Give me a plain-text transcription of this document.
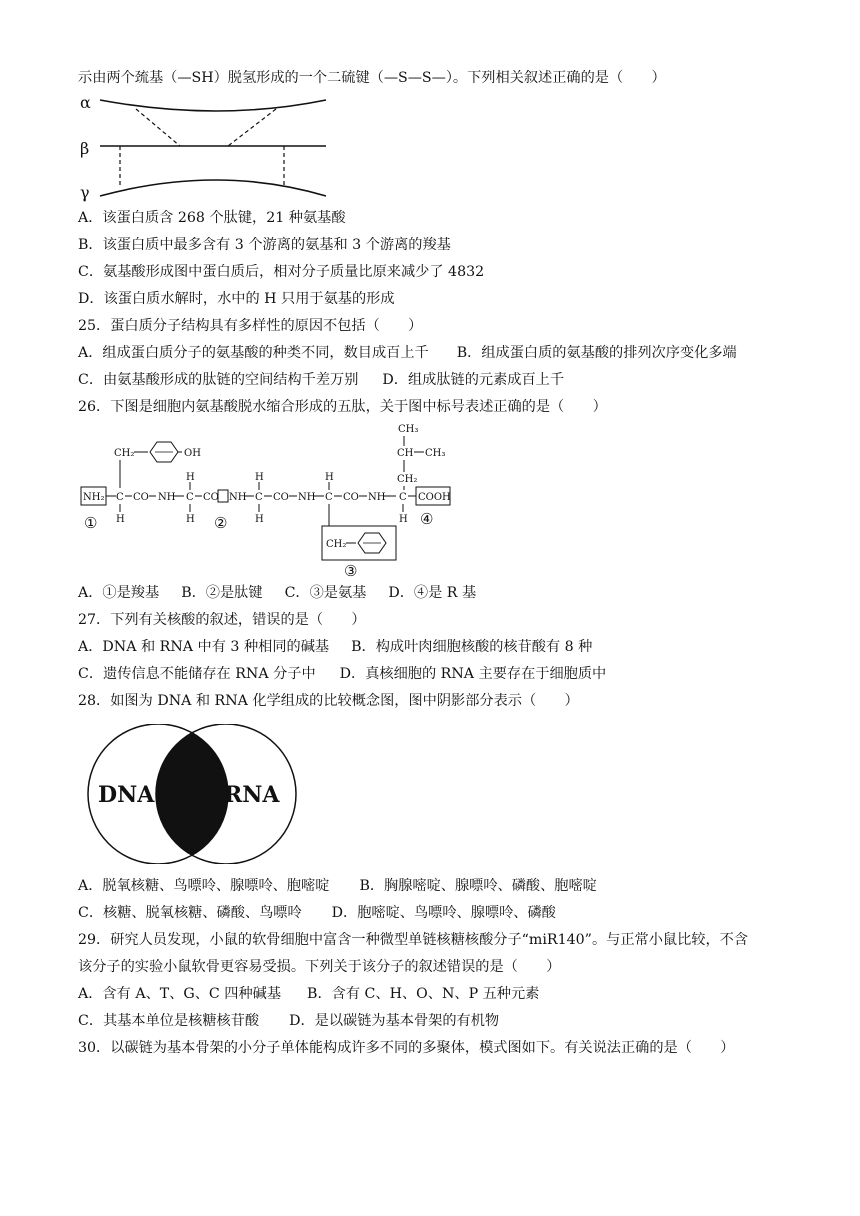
示由两个巯基（—SH）脱氢形成的一个二硫键（—S—S—）。下列相关叙述正确的是（　　）
α
β
γ
A．该蛋白质含 268 个肽键，21 种氨基酸
B．该蛋白质中最多含有 3 个游离的氨基和 3 个游离的羧基
C．氨基酸形成图中蛋白质后，相对分子质量比原来减少了 4832
D．该蛋白质水解时，水中的 H 只用于氨基的形成
25．蛋白质分子结构具有多样性的原因不包括（　　）
A．组成蛋白质分子的氨基酸的种类不同，数目成百上千 B．组成蛋白质的氨基酸的排列次序变化多端
C．由氨基酸形成的肽链的空间结构千差万别 D．组成肽链的元素成百上千
26．下图是细胞内氨基酸脱水缩合形成的五肽，关于图中标号表述正确的是（　　）
CH₂	OH
CH₃
CH CH₃
CH₂
H	H	H
NH₂ C CO NH C CO NH C CO NH C CO NH C COOH
H	H	H	H
CH₂
①	②
③
④
A．①是羧基 B．②是肽键 C．③是氨基 D．④是 R 基
27．下列有关核酸的叙述，错误的是（　　）
A．DNA 和 RNA 中有 3 种相同的碱基 B．构成叶肉细胞核酸的核苷酸有 8 种
C．遗传信息不能储存在 RNA 分子中 D．真核细胞的 RNA 主要存在于细胞质中
28．如图为 DNA 和 RNA 化学组成的比较概念图，图中阴影部分表示（　　）
DNA	RNA
A．脱氧核糖、鸟嘌呤、腺嘌呤、胞嘧啶 B．胸腺嘧啶、腺嘌呤、磷酸、胞嘧啶
C．核糖、脱氧核糖、磷酸、鸟嘌呤 D．胞嘧啶、鸟嘌呤、腺嘌呤、磷酸
29．研究人员发现，小鼠的软骨细胞中富含一种微型单链核糖核酸分子“miR140”。与正常小鼠比较，不含
该分子的实验小鼠软骨更容易受损。下列关于该分子的叙述错误的是（　　）
A．含有 A、T、G、C 四种碱基 B．含有 C、H、O、N、P 五种元素
C．其基本单位是核糖核苷酸 D．是以碳链为基本骨架的有机物
30．以碳链为基本骨架的小分子单体能构成许多不同的多聚体，模式图如下。有关说法正确的是（　　）
